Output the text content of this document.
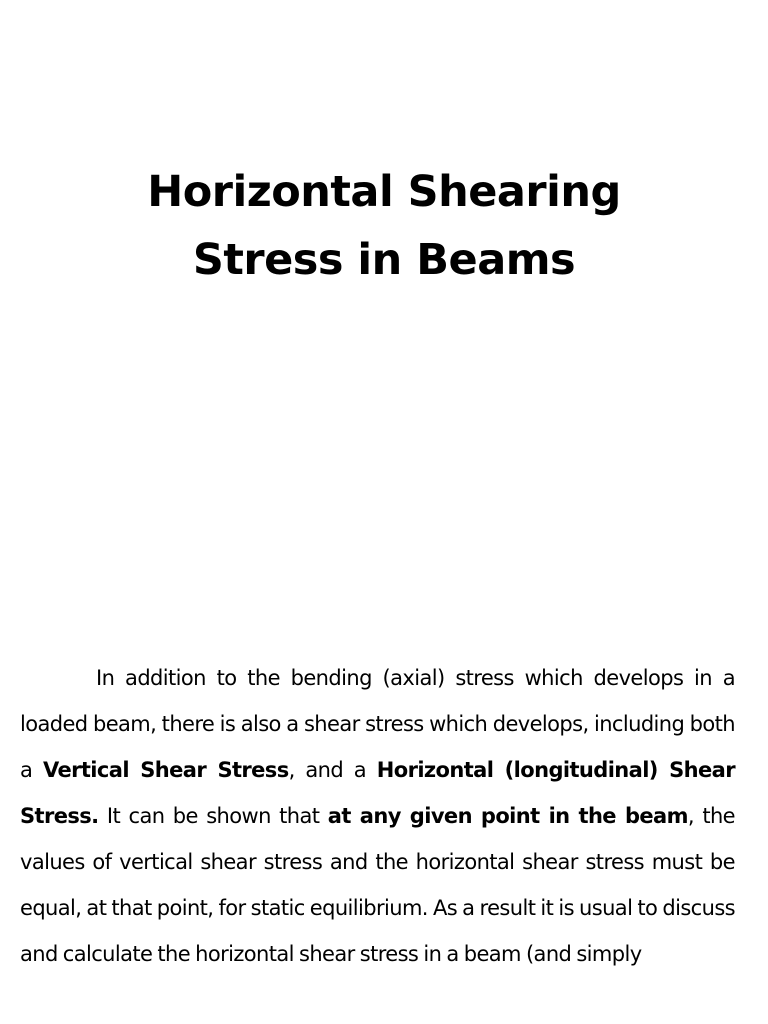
Horizontal Shearing
Stress in Beams

In addition to the bending (axial) stress which develops in a loaded beam, there is also a shear stress which develops, including both a Vertical Shear Stress, and a Horizontal (longitudinal) Shear Stress. It can be shown that at any given point in the beam, the values of vertical shear stress and the horizontal shear stress must be equal, at that point, for static equilibrium. As a result it is usual to discuss and calculate the horizontal shear stress in a beam (and simply
